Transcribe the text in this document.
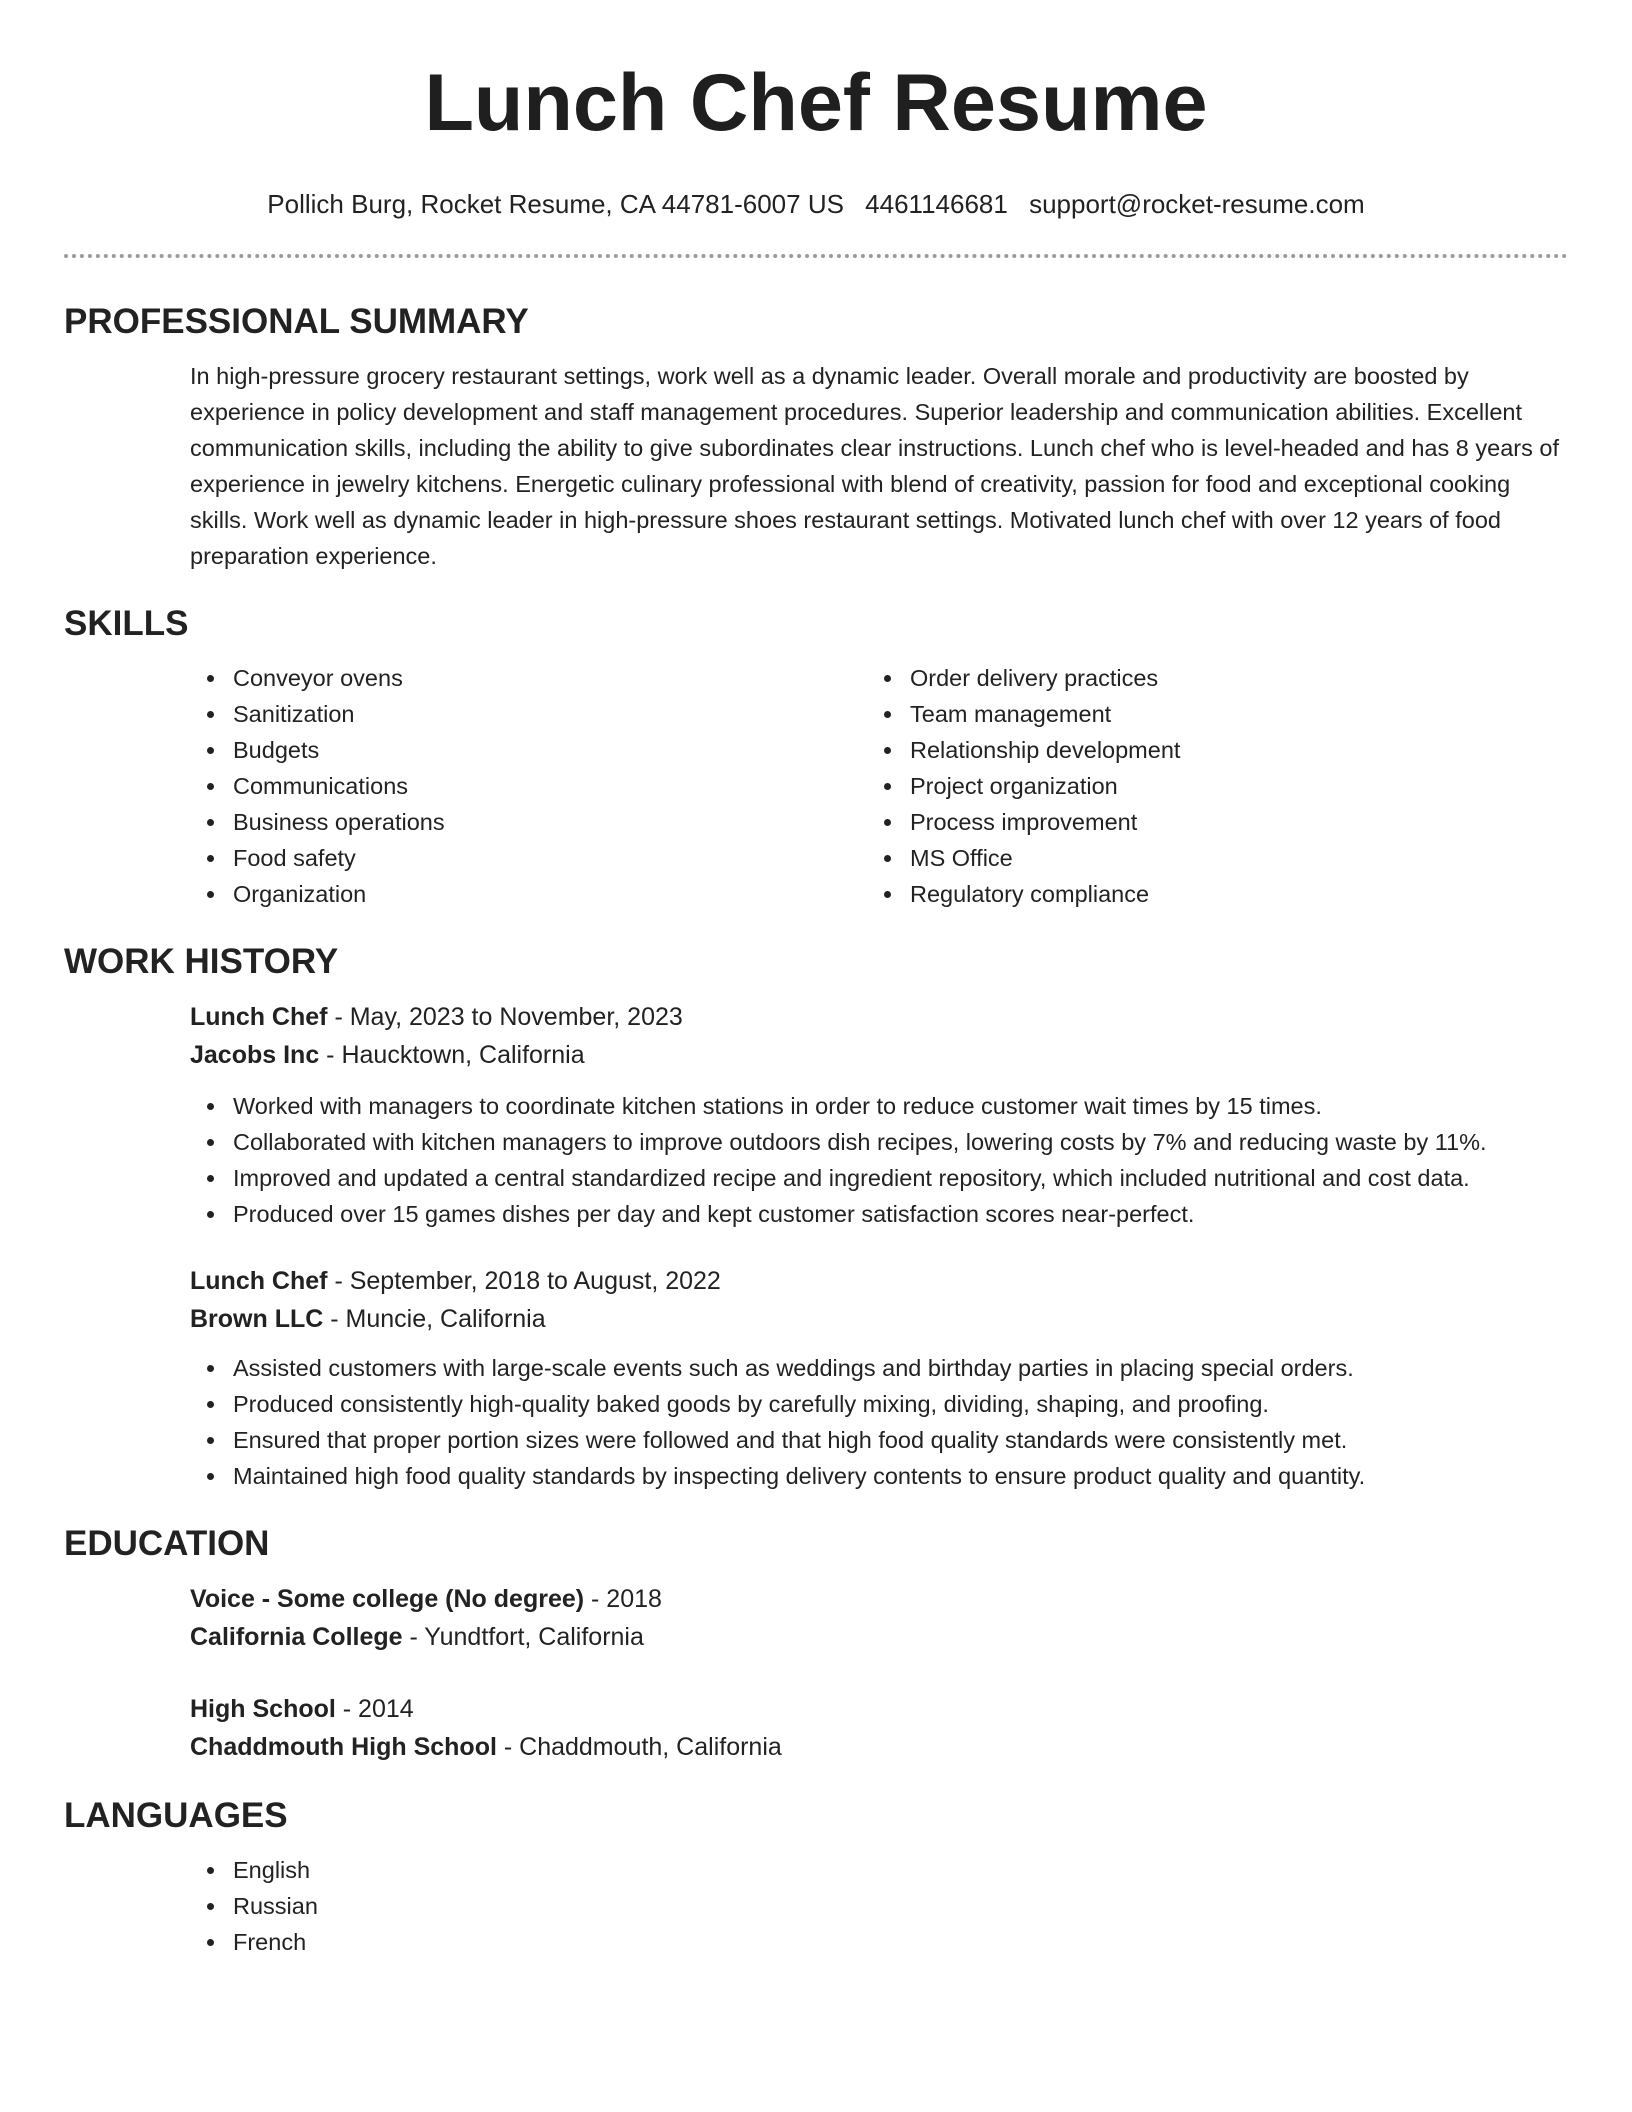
Lunch Chef Resume
Pollich Burg, Rocket Resume, CA 44781-6007 US 4461146681 support@rocket-resume.com
PROFESSIONAL SUMMARY
In high-pressure grocery restaurant settings, work well as a dynamic leader. Overall morale and productivity are boosted by experience in policy development and staff management procedures. Superior leadership and communication abilities. Excellent communication skills, including the ability to give subordinates clear instructions. Lunch chef who is level-headed and has 8 years of experience in jewelry kitchens. Energetic culinary professional with blend of creativity, passion for food and exceptional cooking skills. Work well as dynamic leader in high-pressure shoes restaurant settings. Motivated lunch chef with over 12 years of food preparation experience.
SKILLS
Conveyor ovens
Sanitization
Budgets
Communications
Business operations
Food safety
Organization
Order delivery practices
Team management
Relationship development
Project organization
Process improvement
MS Office
Regulatory compliance
WORK HISTORY
Lunch Chef - May, 2023 to November, 2023
Jacobs Inc - Haucktown, California
Worked with managers to coordinate kitchen stations in order to reduce customer wait times by 15 times.
Collaborated with kitchen managers to improve outdoors dish recipes, lowering costs by 7% and reducing waste by 11%.
Improved and updated a central standardized recipe and ingredient repository, which included nutritional and cost data.
Produced over 15 games dishes per day and kept customer satisfaction scores near-perfect.
Lunch Chef - September, 2018 to August, 2022
Brown LLC - Muncie, California
Assisted customers with large-scale events such as weddings and birthday parties in placing special orders.
Produced consistently high-quality baked goods by carefully mixing, dividing, shaping, and proofing.
Ensured that proper portion sizes were followed and that high food quality standards were consistently met.
Maintained high food quality standards by inspecting delivery contents to ensure product quality and quantity.
EDUCATION
Voice - Some college (No degree) - 2018
California College - Yundtfort, California
High School - 2014
Chaddmouth High School - Chaddmouth, California
LANGUAGES
English
Russian
French
